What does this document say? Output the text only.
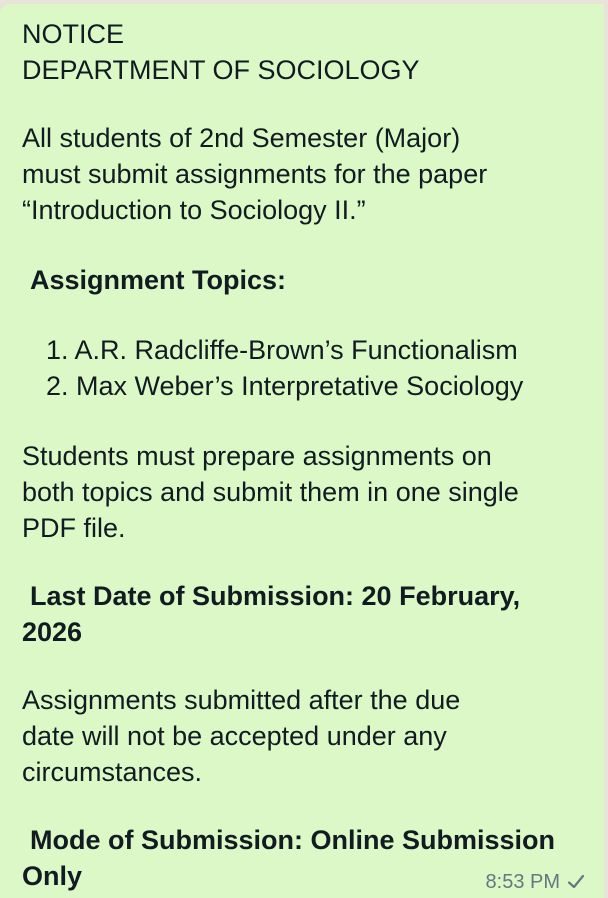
NOTICE
DEPARTMENT OF SOCIOLOGY
All students of 2nd Semester (Major)
must submit assignments for the paper
“Introduction to Sociology II.”
Assignment Topics:
1. A.R. Radcliffe-Brown’s Functionalism
2. Max Weber’s Interpretative Sociology
Students must prepare assignments on
both topics and submit them in one single
PDF file.
Last Date of Submission: 20 February,
2026
Assignments submitted after the due
date will not be accepted under any
circumstances.
Mode of Submission: Online Submission
Only	8:53 PM
